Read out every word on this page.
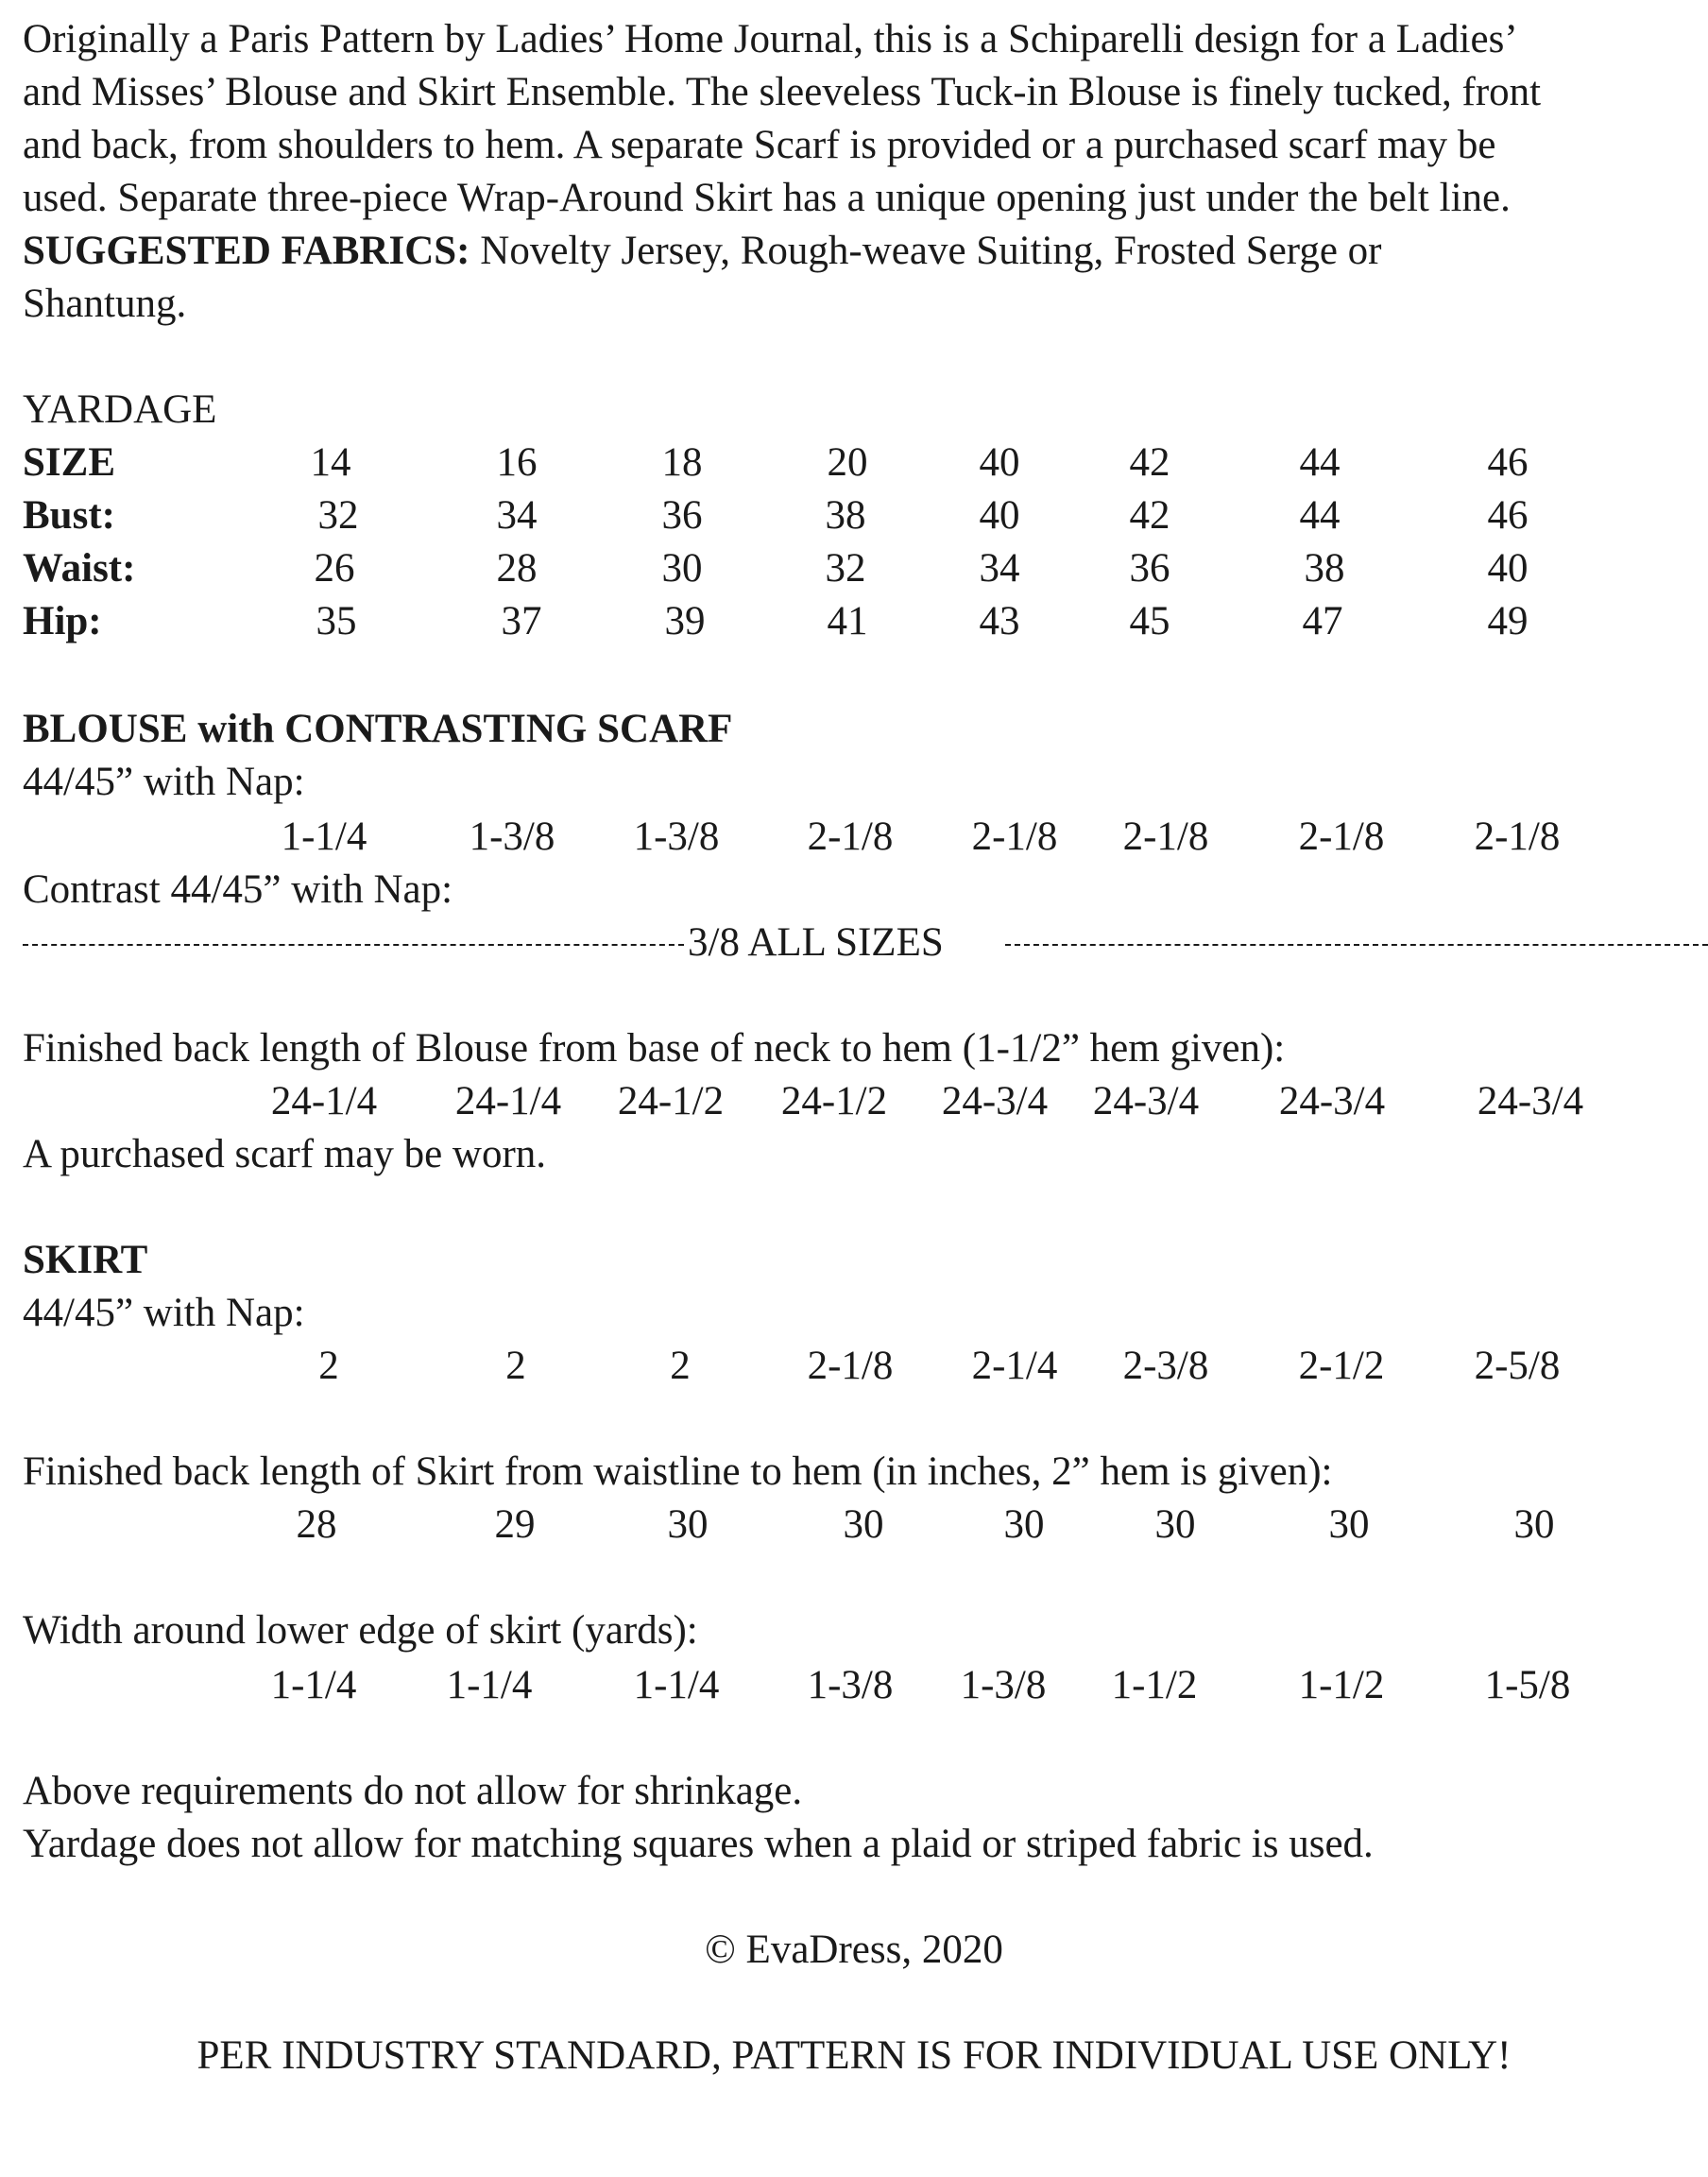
Originally a Paris Pattern by Ladies’ Home Journal, this is a Schiparelli design for a Ladies’
and Misses’ Blouse and Skirt Ensemble. The sleeveless Tuck-in Blouse is finely tucked, front
and back, from shoulders to hem. A separate Scarf is provided or a purchased scarf may be
used. Separate three-piece Wrap-Around Skirt has a unique opening just under the belt line.
SUGGESTED FABRICS: Novelty Jersey, Rough-weave Suiting, Frosted Serge or
Shantung.
YARDAGE
SIZE	14	16	18	20	40	42	44	46
Bust:	32	34	36	38	40	42	44	46
Waist:	26	28	30	32	34	36	38	40
Hip:	35	37	39	41	43	45	47	49
BLOUSE with CONTRASTING SCARF
44/45” with Nap:
1-1/4	1-3/8 1-3/8 2-1/8 2-1/8 2-1/8 2-1/8 2-1/8
Contrast 44/45” with Nap:
3/8 ALL SIZES
Finished back length of Blouse from base of neck to hem (1-1/2” hem given):
24-1/4 24-1/4 24-1/2 24-1/2 24-3/4 24-3/4 24-3/4 24-3/4
A purchased scarf may be worn.
SKIRT
44/45” with Nap:
2	2	2	2-1/8 2-1/4 2-3/8 2-1/2 2-5/8
Finished back length of Skirt from waistline to hem (in inches, 2” hem is given):
28	29	30	30	30	30	30	30
Width around lower edge of skirt (yards):
1-1/4 1-1/4 1-1/4 1-3/8 1-3/8 1-1/2 1-1/2 1-5/8
Above requirements do not allow for shrinkage.
Yardage does not allow for matching squares when a plaid or striped fabric is used.
© EvaDress, 2020
PER INDUSTRY STANDARD, PATTERN IS FOR INDIVIDUAL USE ONLY!
